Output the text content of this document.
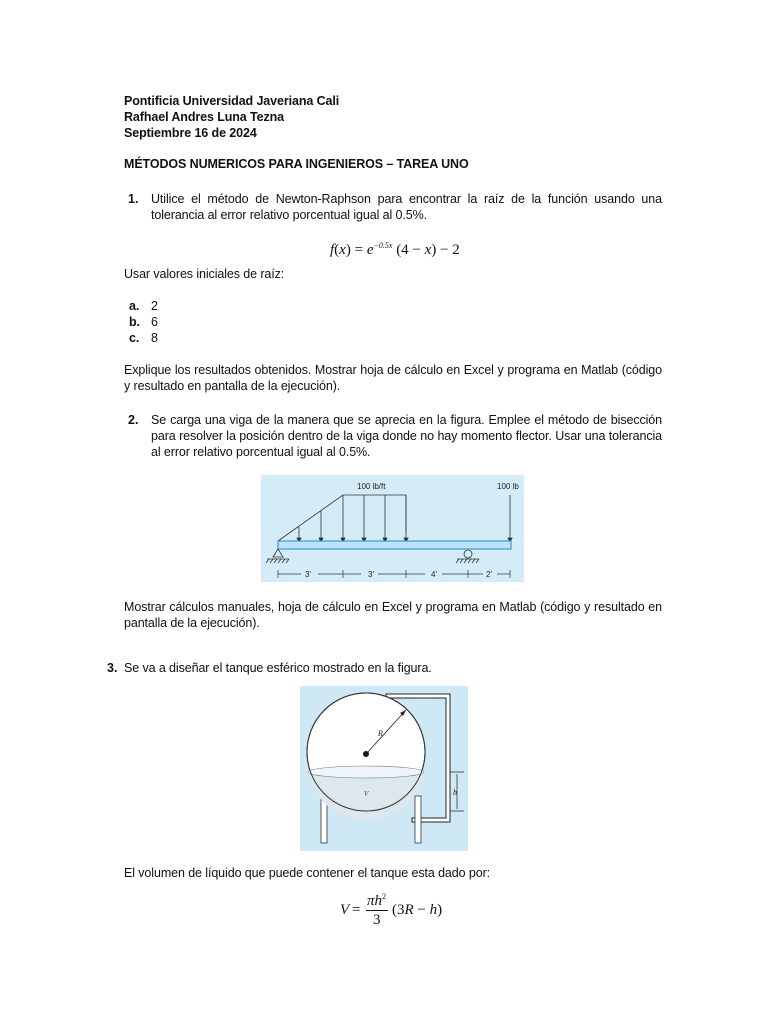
Pontificia Universidad Javeriana Cali
Rafhael Andres Luna Tezna
Septiembre 16 de 2024
MÉTODOS NUMERICOS PARA INGENIEROS – TAREA UNO
1. Utilice el método de Newton-Raphson para encontrar la raíz de la función usando una tolerancia al error relativo porcentual igual al 0.5%.
$f(x) = e^{-0.5x}$ (4 − x) − 2
Usar valores iniciales de raíz:
a. 2
b. 6
c. 8
Explique los resultados obtenidos. Mostrar hoja de cálculo en Excel y programa en Matlab (código y resultado en pantalla de la ejecución).
2. Se carga una viga de la manera que se aprecia en la figura. Emplee el método de bisección para resolver la posición dentro de la viga donde no hay momento flector. Usar una tolerancia al error relativo porcentual igual al 0.5%.
100 lb/ft	100 lb
3'	3'	4'	2'
Mostrar cálculos manuales, hoja de cálculo en Excel y programa en Matlab (código y resultado en pantalla de la ejecución).
3. Se va a diseñar el tanque esférico mostrado en la figura.
R
V	h
El volumen de líquido que puede contener el tanque esta dado por:
V =
$\pi h^2$
3
(3R − h)
